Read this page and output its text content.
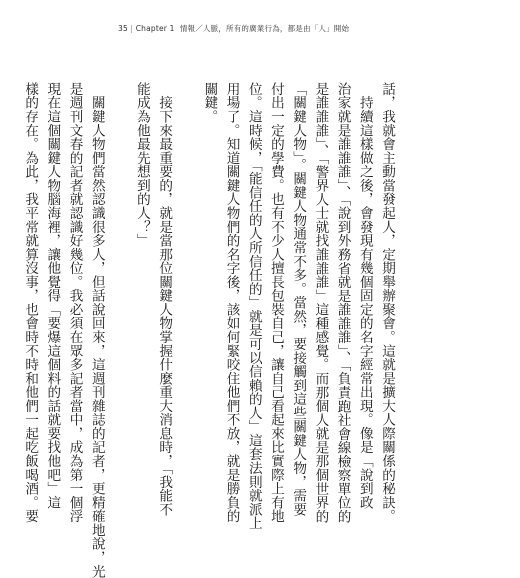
35 | Chapter 1 情報／人脈，所有的廣業行為，都是由「人」開始
話，我就會主動當發起人，定期舉辦聚會。這就是擴大人際關係的秘訣。
　持續這樣做之後，會發現有幾個固定的名字經常出現。像是「說到政
治家就是誰誰誰」、「說到外務省就是誰誰誰」、「負責跑社會線檢察單位的
是誰誰誰」、「警界人士就找誰誰誰」這種感覺。而那個人就是那個世界的
「關鍵人物」。關鍵人物通常不多。當然，要接觸到這些關鍵人物，需要
付出一定的學費。也有不少人擅長包裝自己，讓自己看起來比實際上有地
位。這時候，「能信任的人所信任的」就是可以信賴的人」這套法則就派上
用場了。知道關鍵人物們的名字後，該如何緊咬住他們不放，就是勝負的
關鍵。
　接下來最重要的，就是當那位關鍵人物掌握什麼重大消息時，「我能不
能成為他最先想到的人？」
　關鍵人物們當然認識很多人，但話說回來，這週刊雜誌的記者，更精確地說，光
是週刊文春的記者就認識好幾位。我必須在眾多記者當中，成為第一個浮
現在這個關鍵人物腦海裡，讓他覺得「要爆這個料的話就要找他吧」這
樣的存在。為此，我平常就算沒事，也會時不時和他們一起吃飯喝酒。要
